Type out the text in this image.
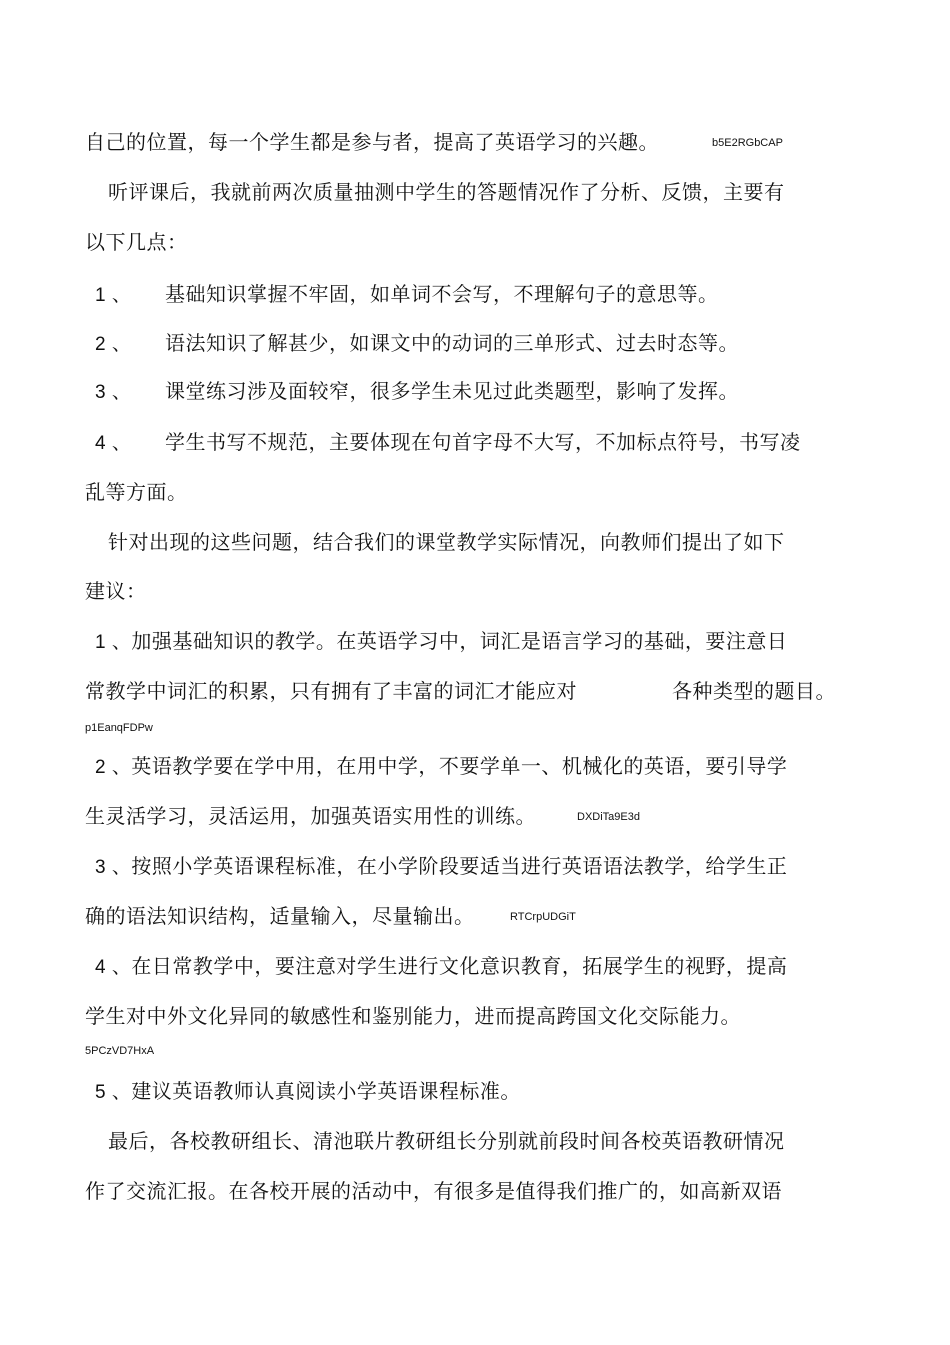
自己的位置，每一个学生都是参与者，提高了英语学习的兴趣。	b5E2RGbCAP
听评课后，我就前两次质量抽测中学生的答题情况作了分析、反馈，主要有
以下几点：
1 、 基础知识掌握不牢固，如单词不会写，不理解句子的意思等。
2 、 语法知识了解甚少，如课文中的动词的三单形式、过去时态等。
3 、 课堂练习涉及面较窄，很多学生未见过此类题型，影响了发挥。
4 、 学生书写不规范，主要体现在句首字母不大写，不加标点符号，书写凌
乱等方面。
针对出现的这些问题，结合我们的课堂教学实际情况，向教师们提出了如下
建议：
1 、加强基础知识的教学。在英语学习中，词汇是语言学习的基础，要注意日
常教学中词汇的积累，只有拥有了丰富的词汇才能应对	各种类型的题目。
p1EanqFDPw
2 、英语教学要在学中用，在用中学，不要学单一、机械化的英语，要引导学
生灵活学习，灵活运用，加强英语实用性的训练。	DXDiTa9E3d
3 、按照小学英语课程标准，在小学阶段要适当进行英语语法教学，给学生正
确的语法知识结构，适量输入，尽量输出。	RTCrpUDGiT
4 、在日常教学中，要注意对学生进行文化意识教育，拓展学生的视野，提高
学生对中外文化异同的敏感性和鉴别能力，进而提高跨国文化交际能力。
5PCzVD7HxA
5 、建议英语教师认真阅读小学英语课程标准。
最后，各校教研组长、清池联片教研组长分别就前段时间各校英语教研情况
作了交流汇报。在各校开展的活动中，有很多是值得我们推广的，如高新双语
